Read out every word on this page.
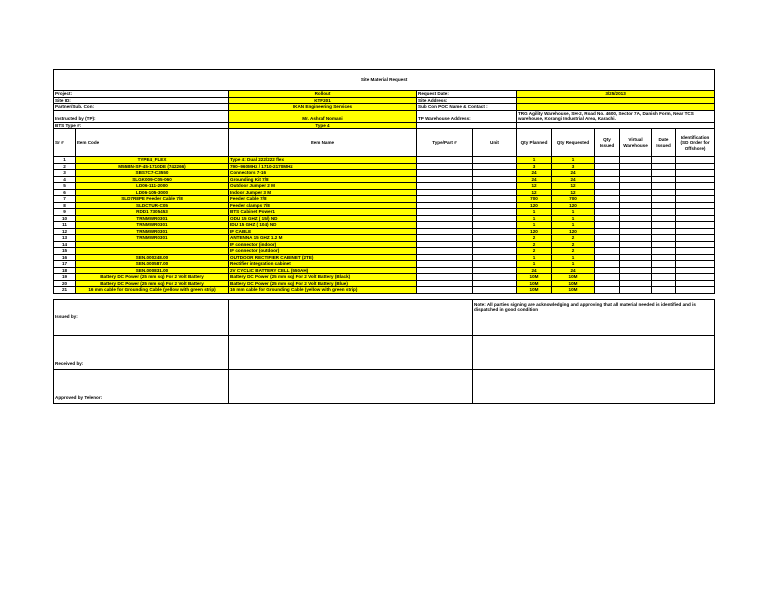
Site Material Request										
Project:		Rollout	Request Date:		3/25/2013					
Site ID:		KTF201	Site Address:							
Partner/Sub. Con:		IKAN Engineering Services	Sub Con POC Name & Contact :							
Instructed by (TP):		Mr. Ashraf Nomani	TP Warehouse Address:		TRG Agility Warehouse, SH-2, Road No. 4600, Sector 7A, Danish Form, Near TCS warehouse, Korangi Industrial Area, Karachi.					
BTS Type #:		Type 4								
Sr #	Item Code	Item Name	Type/Part #	Unit	Qty Planned	Qty Requested	Qty Issued	Virtual Warehouse	Date Issued	Identification (SD Order for Offshore)
1	TYPE4_FLEX	Type 4: Dual 222/222 flex			1	1				
2	M55BN-SF-45-1710DE (742266)	790~960MHz / 1710-2170MHz			3	3				
3	SBS7C7-C3550	Connectors 7-16			24	24				
4	SLGK009-C05-060	Grounding Kit 7/8			24	24				
5	LD06-111-2000	Outdoor Jumper 2 M			12	12				
6	LD06-105-3000	Indoor Jumper 3 M			12	12				
7	SLD7R8PE Feeder Cable 7/8	Feeder Cable 7/8			700	700				
8	SLDCTUR-C05	Feeder clamps 7/8			120	120				
9	RDD1 7305453	BTS Cabinet Power1			1	1				
10	TRNMWR0301	ODU 15 GHZ ( 15/) ND			1	1				
11	TRNMWR0301	IDU 15 GHZ ( 104) ND			1	1				
12	TRNMWR0301	IF CABLE			120	120				
13	TRNMWR0301	ANTENNA 15 GHZ 1.2 M			2	2				
14		IF connector (indoor)			2	2				
15		IF connector (outdoor)			2	2				
16	SEN.000248.00	OUTDOOR RECTIFIER CABINET (2TE)			1	1				
17	SEN.000587.00	Rectifier integration cabinet			1	1				
18	SEN.000831.00	2V CYCLIC BATTERY CELL (550AH)			24	24				
19	Battery DC Power (25 mm sq) For 2 Volt Battery	Battery DC Power (25 mm sq) For 2 Volt Battery (Black)			10M	10M				
20	Battery DC Power (25 mm sq) For 2 Volt Battery	Battery DC Power (25 mm sq) For 2 Volt Battery (Blue)			10M	10M				
21	16 mm cable for Grounding Cable (yellow with green strip)	16 mm cable for Grounding Cable (yellow with green strip)			10M	10M				

Issued by:				Note: All parties signing are acknowledging and approving that all material needed is identified and is dispatched in good condition						
Received by:										
Approved by Telenor:										
